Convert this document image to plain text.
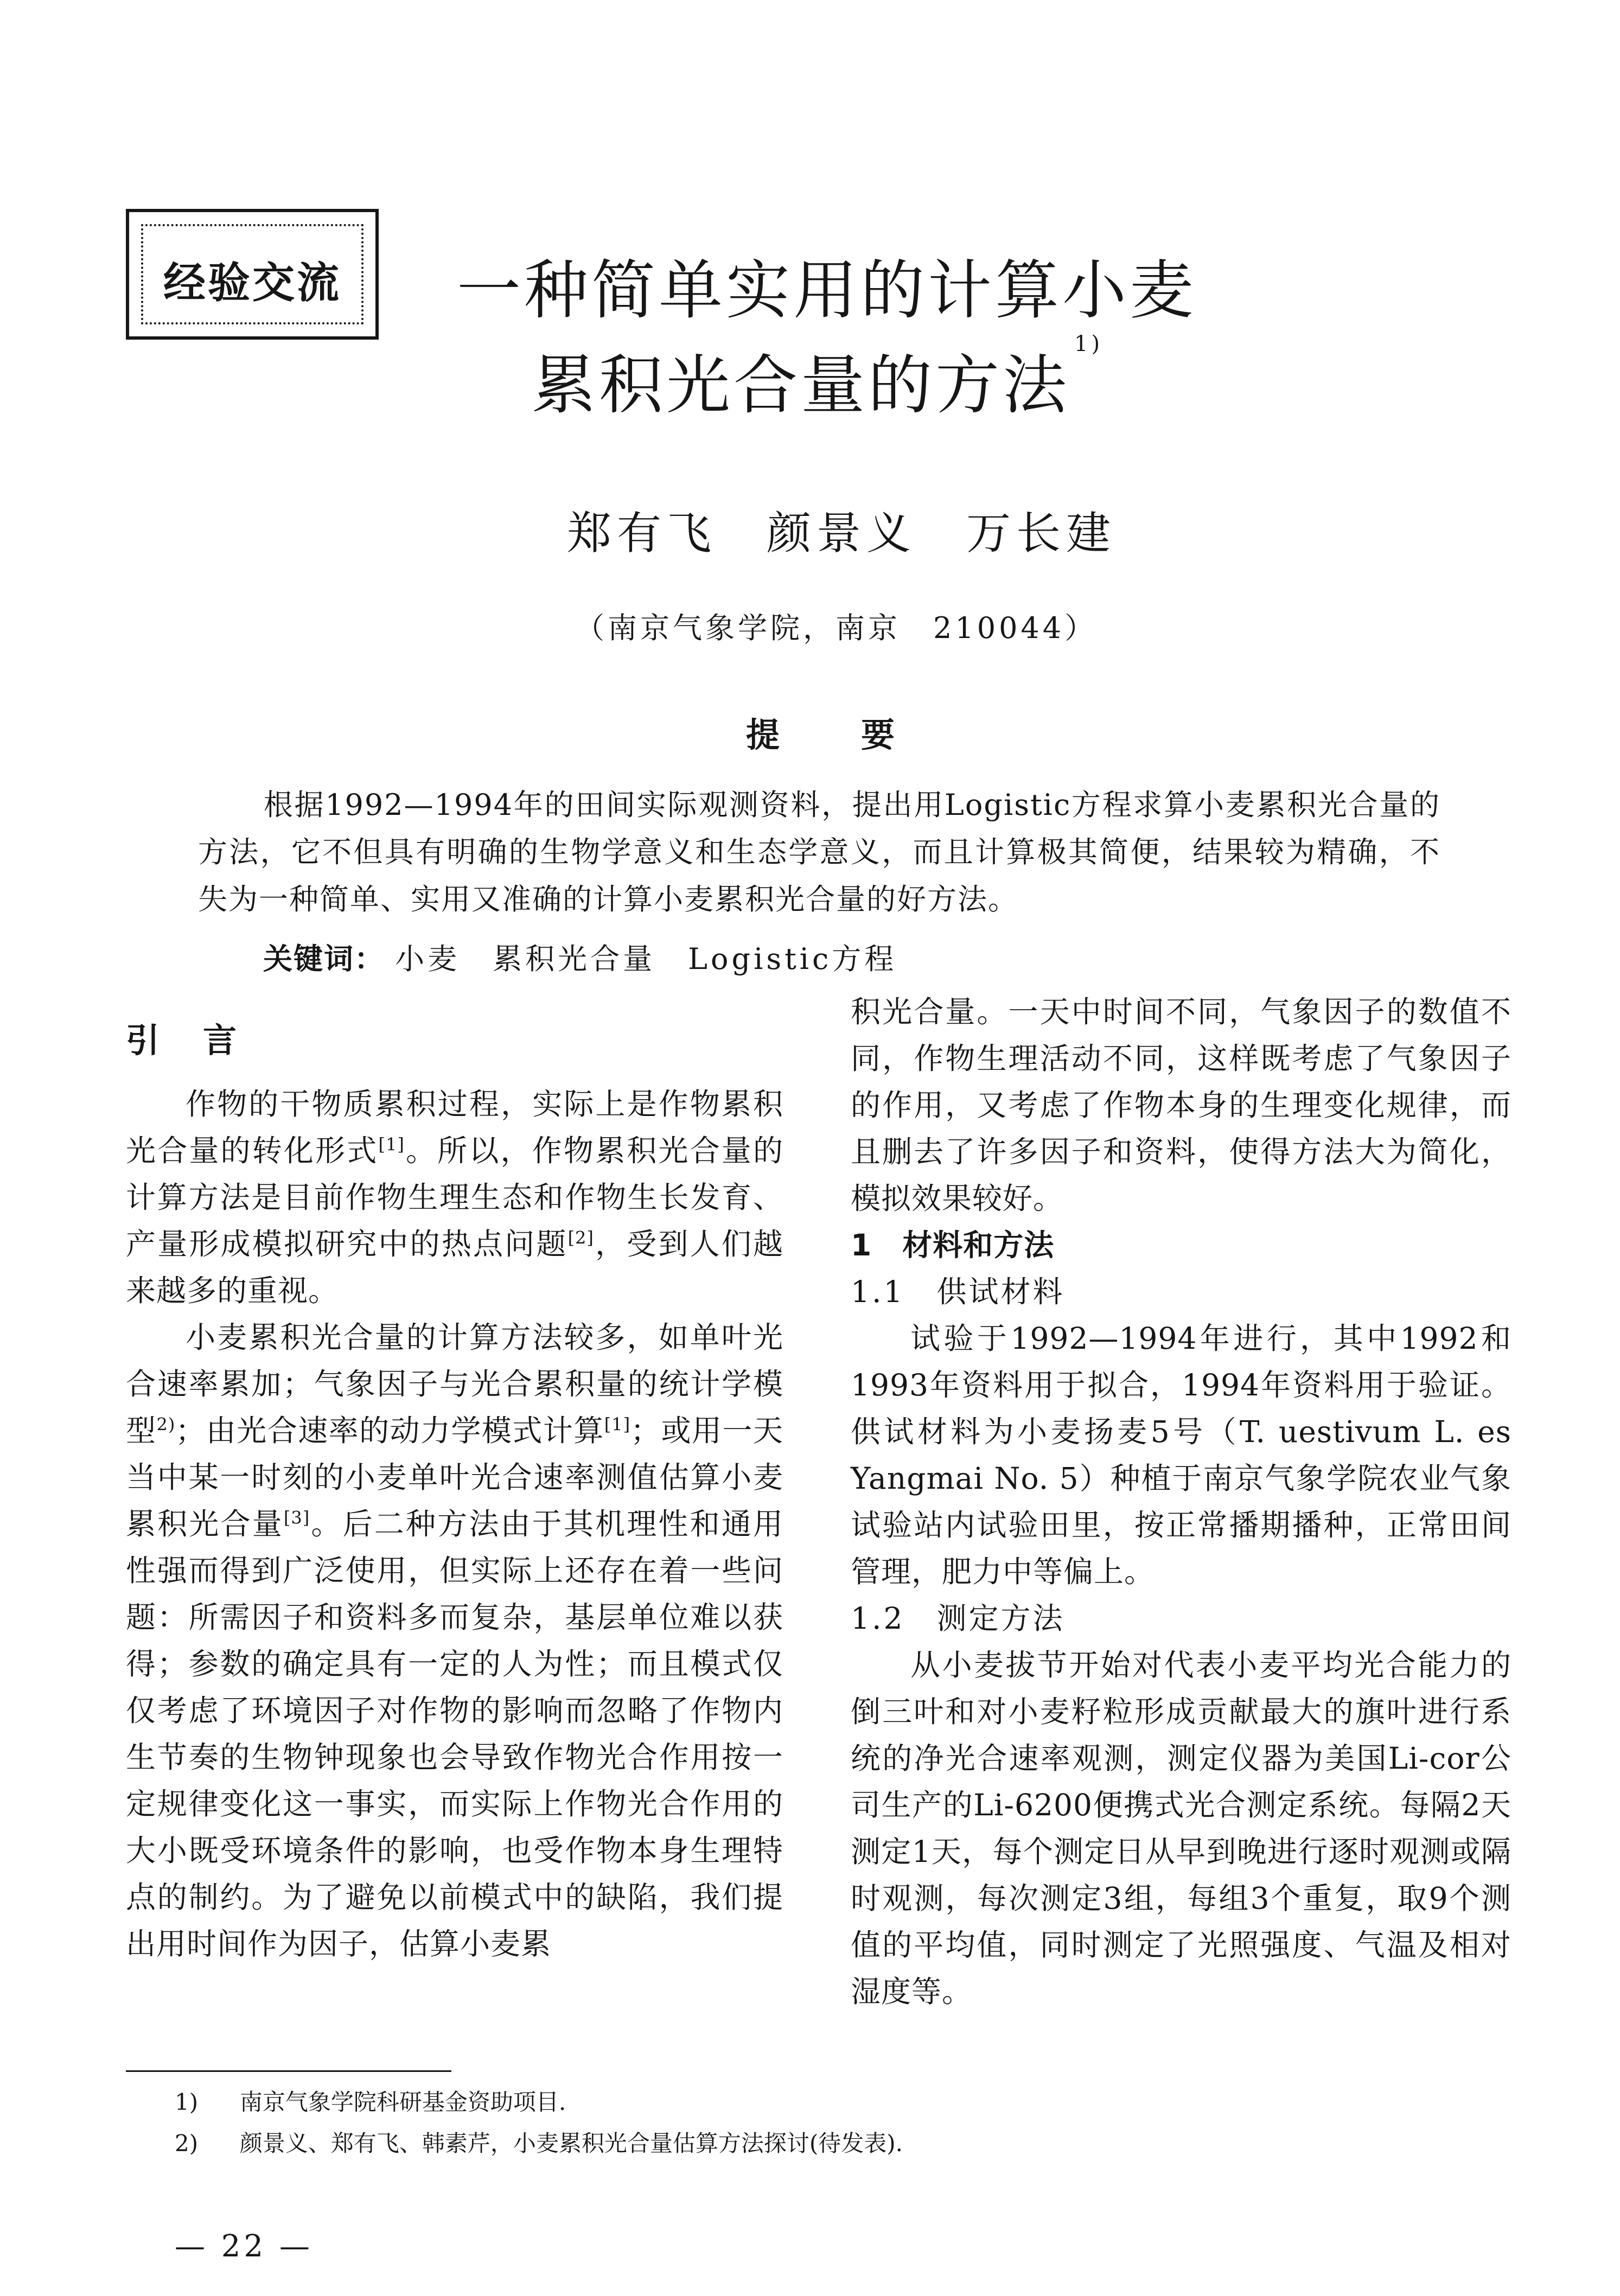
经验交流	一种简单实用的计算小麦
累积光合量的方法$^{1)}$
郑有飞　颜景义　万长建
（南京气象学院，南京　210044）
提要
根据1992—1994年的田间实际观测资料，提出用Logistic方程求算小麦累积光合量的方法，它不但具有明确的生物学意义和生态学意义，而且计算极其简便，结果较为精确，不失为一种简单、实用又准确的计算小麦累积光合量的好方法。
关键词： 小麦　累积光合量　Logistic方程
引言

作物的干物质累积过程，实际上是作物累积光合量的转化形式[1]。所以，作物累积光合量的计算方法是目前作物生理生态和作物生长发育、产量形成模拟研究中的热点问题[2]，受到人们越来越多的重视。

小麦累积光合量的计算方法较多，如单叶光合速率累加；气象因子与光合累积量的统计学模型$^{2)}$；由光合速率的动力学模式计算[1]；或用一天当中某一时刻的小麦单叶光合速率测值估算小麦累积光合量[3]。后二种方法由于其机理性和通用性强而得到广泛使用，但实际上还存在着一些问题：所需因子和资料多而复杂，基层单位难以获得；参数的确定具有一定的人为性；而且模式仅仅考虑了环境因子对作物的影响而忽略了作物内生节奏的生物钟现象也会导致作物光合作用按一定规律变化这一事实，而实际上作物光合作用的大小既受环境条件的影响，也受作物本身生理特点的制约。为了避免以前模式中的缺陷，我们提出用时间作为因子，估算小麦累

积光合量。一天中时间不同，气象因子的数值不同，作物生理活动不同，这样既考虑了气象因子的作用，又考虑了作物本身的生理变化规律，而且删去了许多因子和资料，使得方法大为简化，模拟效果较好。

1　材料和方法

1.1　供试材料

试验于1992—1994年进行，其中1992和1993年资料用于拟合，1994年资料用于验证。供试材料为小麦扬麦5号（T. uestivum L. es Yangmai No. 5）种植于南京气象学院农业气象试验站内试验田里，按正常播期播种，正常田间管理，肥力中等偏上。

1.2　测定方法

从小麦拔节开始对代表小麦平均光合能力的倒三叶和对小麦籽粒形成贡献最大的旗叶进行系统的净光合速率观测，测定仪器为美国Li-cor公司生产的Li-6200便携式光合测定系统。每隔2天测定1天，每个测定日从早到晚进行逐时观测或隔时观测，每次测定3组，每组3个重复，取9个测值的平均值，同时测定了光照强度、气温及相对湿度等。

1) 南京气象学院科研基金资助项目.
2) 颜景义、郑有飞、韩素芹，小麦累积光合量估算方法探讨(待发表).
— 22 —
